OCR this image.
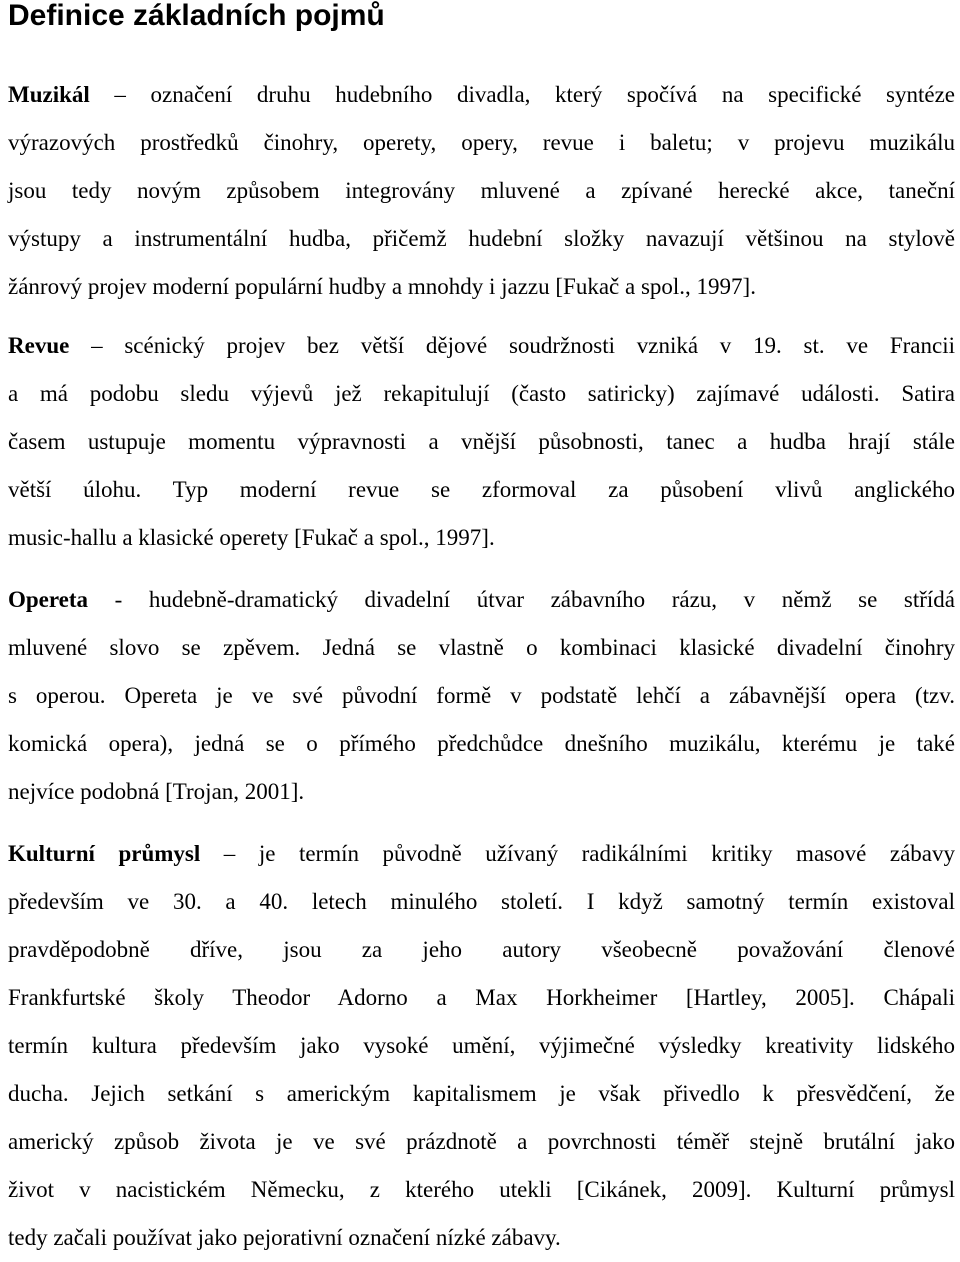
Definice základních pojmů
Muzikál – označení druhu hudebního divadla, který spočívá na specifické syntéze
výrazových prostředků činohry, operety, opery, revue i baletu; v projevu muzikálu
jsou tedy novým způsobem integrovány mluvené a zpívané herecké akce, taneční
výstupy a instrumentální hudba, přičemž hudební složky navazují většinou na stylově
žánrový projev moderní populární hudby a mnohdy i jazzu [Fukač a spol., 1997].
Revue – scénický projev bez větší dějové soudržnosti vzniká v 19. st. ve Francii
a má podobu sledu výjevů jež rekapitulují (často satiricky) zajímavé události. Satira
časem ustupuje momentu výpravnosti a vnější působnosti, tanec a hudba hrají stále
větší úlohu. Typ moderní revue se zformoval za působení vlivů anglického
music-hallu a klasické operety [Fukač a spol., 1997].
Opereta - hudebně-dramatický divadelní útvar zábavního rázu, v němž se střídá
mluvené slovo se zpěvem. Jedná se vlastně o kombinaci klasické divadelní činohry
s operou. Opereta je ve své původní formě v podstatě lehčí a zábavnější opera (tzv.
komická opera), jedná se o přímého předchůdce dnešního muzikálu, kterému je také
nejvíce podobná [Trojan, 2001].
Kulturní průmysl – je termín původně užívaný radikálními kritiky masové zábavy
především ve 30. a 40. letech minulého století. I když samotný termín existoval
pravděpodobně dříve, jsou za jeho autory všeobecně považování členové
Frankfurtské školy Theodor Adorno a Max Horkheimer [Hartley, 2005]. Chápali
termín kultura především jako vysoké umění, výjimečné výsledky kreativity lidského
ducha. Jejich setkání s americkým kapitalismem je však přivedlo k přesvědčení, že
americký způsob života je ve své prázdnotě a povrchnosti téměř stejně brutální jako
život v nacistickém Německu, z kterého utekli [Cikánek, 2009]. Kulturní průmysl
tedy začali používat jako pejorativní označení nízké zábavy.
